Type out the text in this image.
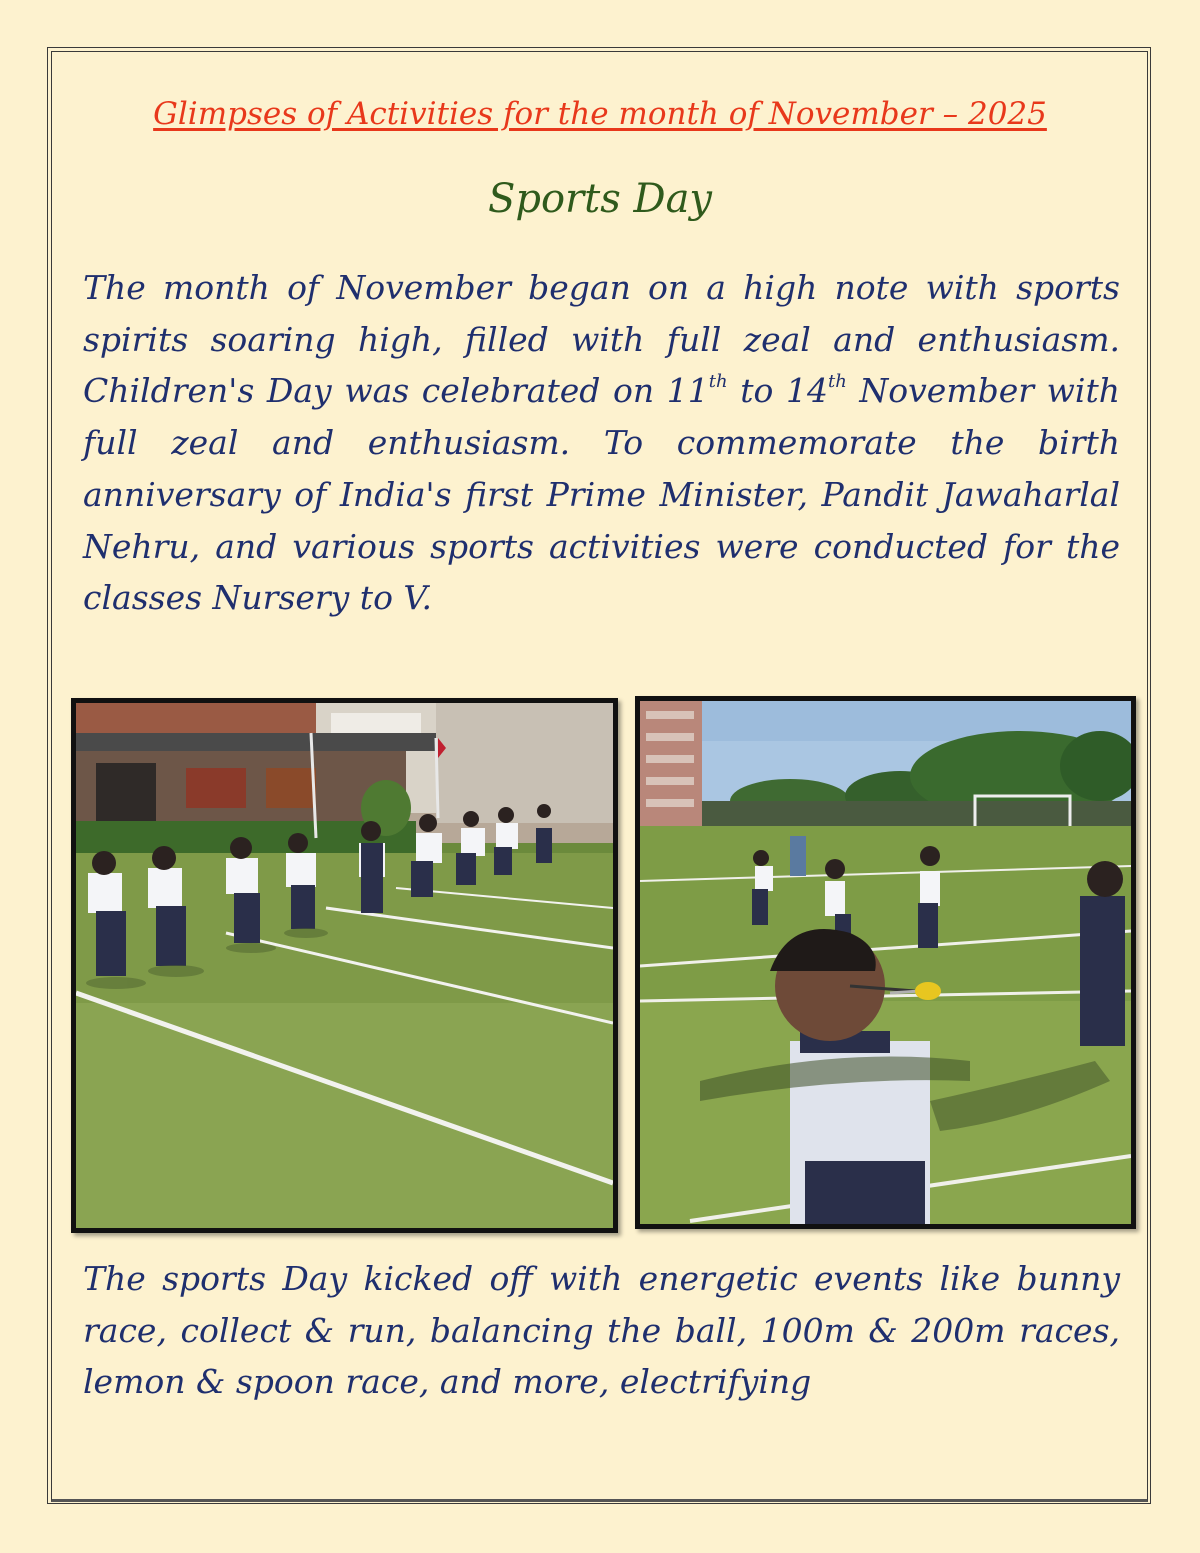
Glimpses of Activities for the month of November – 2025
Sports Day

The month of November began on a high note with sports spirits soaring high, filled with full zeal and enthusiasm. Children's Day was celebrated on 11th to 14th November with full zeal and enthusiasm. To commemorate the birth anniversary of India's first Prime Minister, Pandit Jawaharlal Nehru, and various sports activities were conducted for the classes Nursery to V.

The sports Day kicked off with energetic events like bunny race, collect & run, balancing the ball, 100m & 200m races, lemon & spoon race, and more, electrifying
